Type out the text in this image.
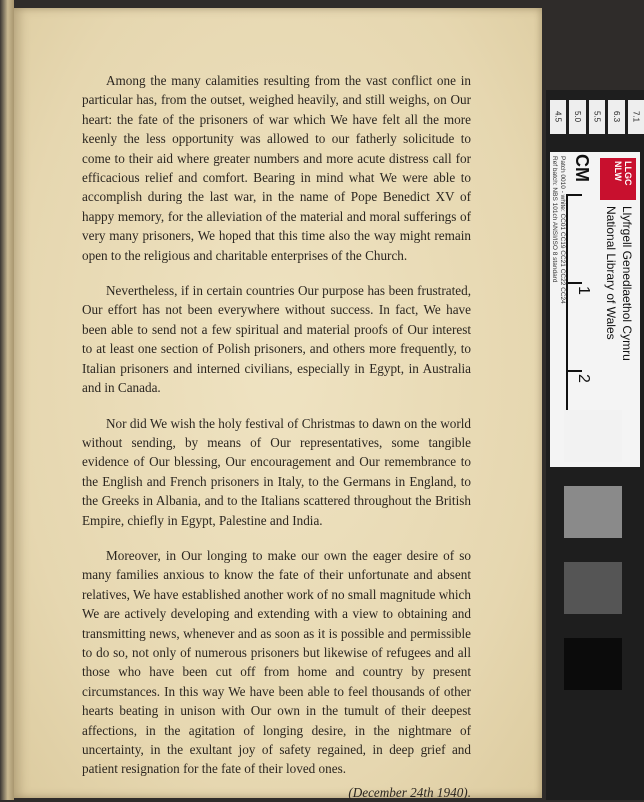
Among the many calamities resulting from the vast conflict one in particular has, from the outset, weighed heavily, and still weighs, on Our heart: the fate of the prisoners of war which We have felt all the more keenly the less opportunity was allowed to our fatherly solicitude to come to their aid where greater numbers and more acute distress call for efficacious relief and comfort. Bearing in mind what We were able to accomplish during the last war, in the name of Pope Benedict XV of happy memory, for the alleviation of the material and moral sufferings of very many prisoners, We hoped that this time also the way might remain open to the religious and charitable enterprises of the Church.

Nevertheless, if in certain countries Our purpose has been frustrated, Our effort has not been everywhere without success. In fact, We have been able to send not a few spiritual and material proofs of Our interest to at least one section of Polish prisoners, and others more frequently, to Italian prisoners and interned civilians, especially in Egypt, in Australia and in Canada.

Nor did We wish the holy festival of Christmas to dawn on the world without sending, by means of Our representatives, some tangible evidence of Our blessing, Our encouragement and Our remembrance to the English and French prisoners in Italy, to the Germans in England, to the Greeks in Albania, and to the Italians scattered throughout the British Empire, chiefly in Egypt, Palestine and India.

Moreover, in Our longing to make our own the eager desire of so many families anxious to know the fate of their unfortunate and absent relatives, We have established another work of no small magnitude which We are actively developing and extending with a view to obtaining and transmitting news, whenever and as soon as it is possible and permissible to do so, not only of numerous prisoners but likewise of refugees and all those who have been cut off from home and country by present circumstances. In this way We have been able to feel thousands of other hearts beating in unison with Our own in the tumult of their deepest affections, in the agitation of longing desire, in the nightmare of uncertainty, in the exultant joy of safety regained, in deep grief and patient resignation for the fate of their loved ones.

(December 24th 1940).
4.5	5.0	5.5	6.3	7.1
LLGC NLW
Llyfrgell Genedlaethol Cymru
National Library of Wales
CM
1
2
Patch 0010 - white: CC01 CC19 CC21 CC22 CC24
Ref batch: NBS 101ch ANSI/ISO 8 standard
